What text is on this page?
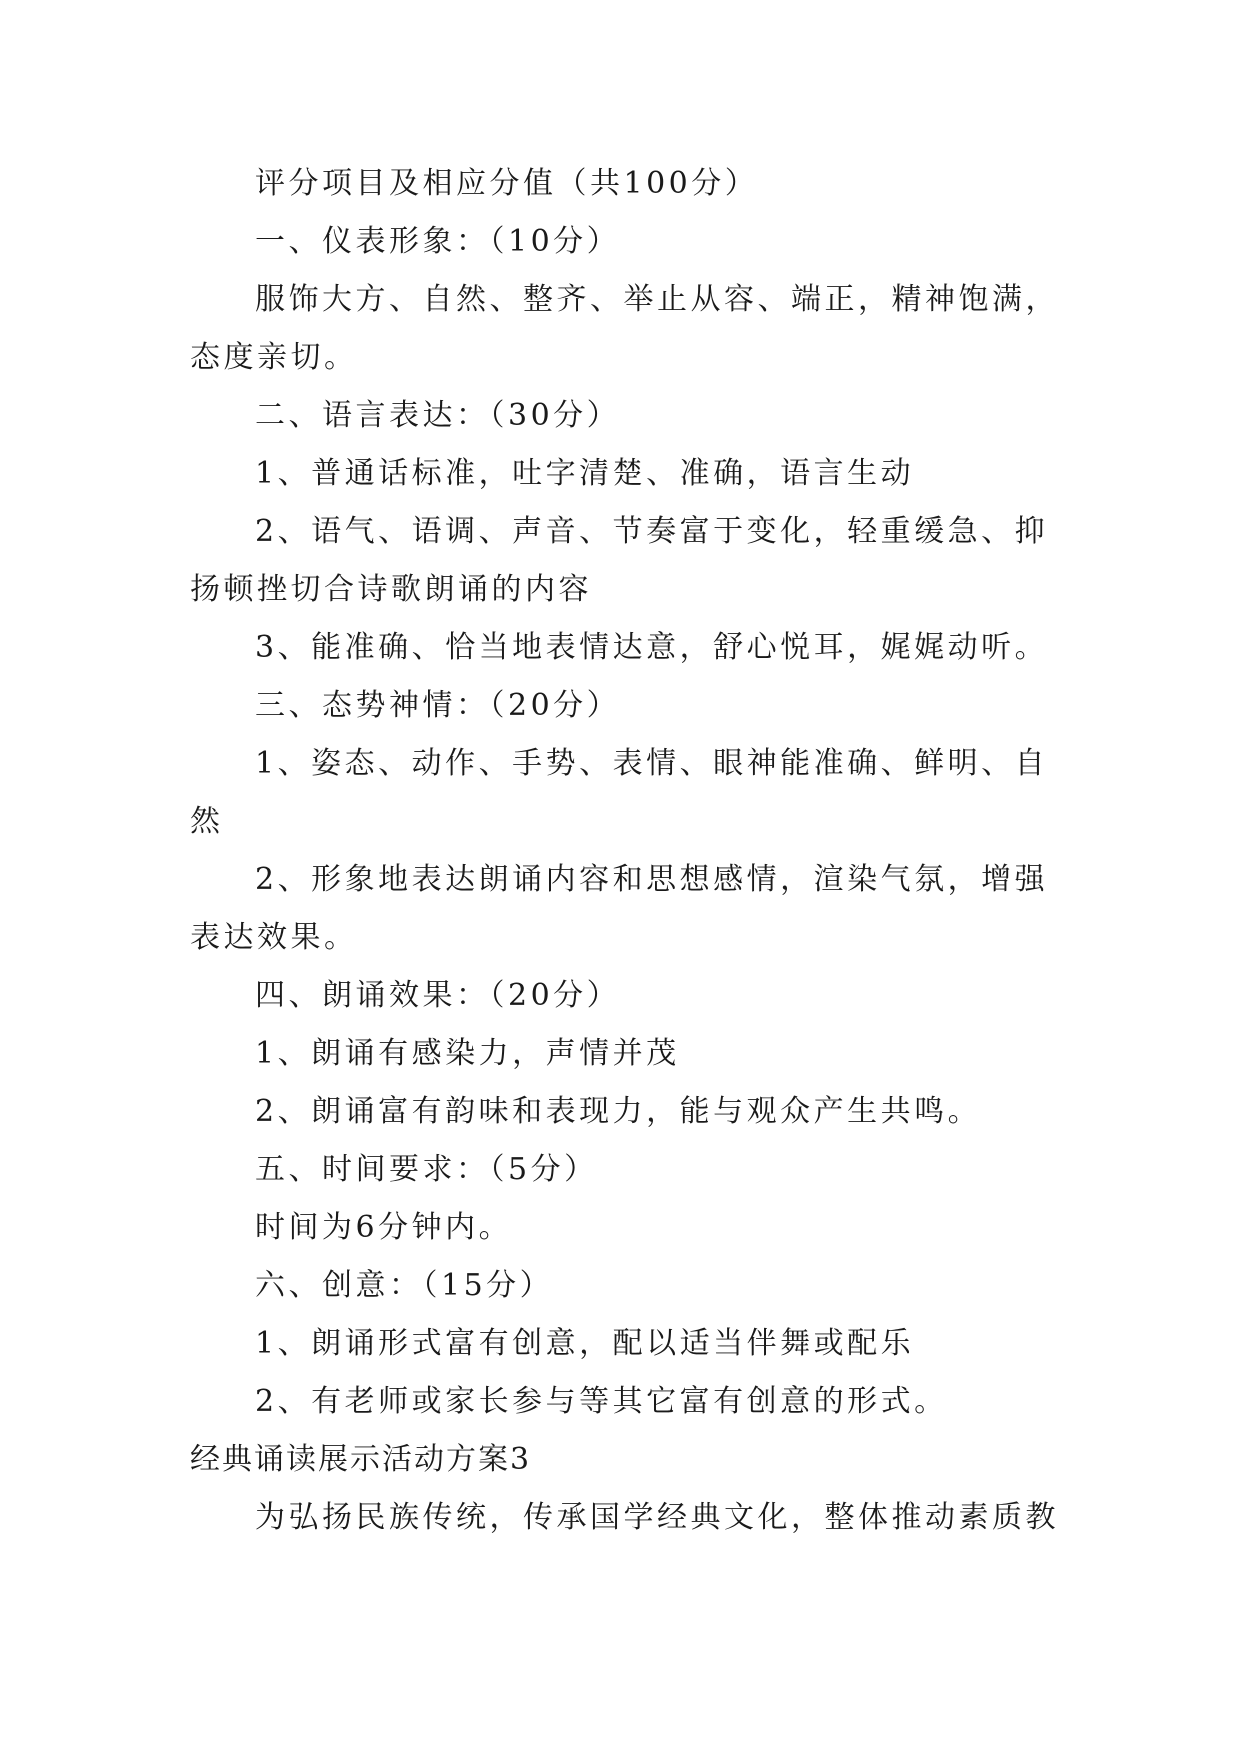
评分项目及相应分值（共100分）
一、仪表形象：（10分）
服饰大方、自然、整齐、举止从容、端正，精神饱满，
态度亲切。
二、语言表达：（30分）
1、普通话标准，吐字清楚、准确，语言生动
2、语气、语调、声音、节奏富于变化，轻重缓急、抑
扬顿挫切合诗歌朗诵的内容
3、能准确、恰当地表情达意，舒心悦耳，娓娓动听。
三、态势神情：（20分）
1、姿态、动作、手势、表情、眼神能准确、鲜明、自
然
2、形象地表达朗诵内容和思想感情，渲染气氛，增强
表达效果。
四、朗诵效果：（20分）
1、朗诵有感染力，声情并茂
2、朗诵富有韵味和表现力，能与观众产生共鸣。
五、时间要求：（5分）
时间为6分钟内。
六、创意：（15分）
1、朗诵形式富有创意，配以适当伴舞或配乐
2、有老师或家长参与等其它富有创意的形式。
经典诵读展示活动方案3
为弘扬民族传统，传承国学经典文化，整体推动素质教
